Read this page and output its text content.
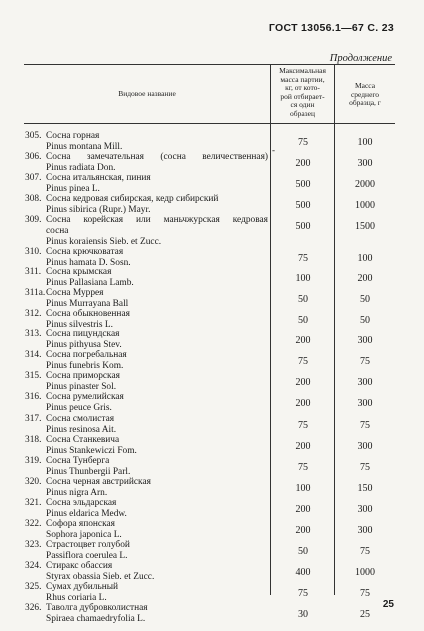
ГОСТ 13056.1—67 С. 23
Продолжение
Видовое название
Максимальная
масса партии,
кг, от кото-
рой отбирает-
ся один
образец
Масса
среднего
образца, г
305. Сосна горная
Pinus montana Mill.	75	100
-
306. Сосна замечательная (сосна величественная)
Pinus radiata Don.	200	300
307. Сосна итальянская, пиния
Pinus pinea L.	500	2000
308. Сосна кедровая сибирская, кедр сибирский
Pinus sibirica (Rupr.) Mayr.	500	1000
309. Сосна корейская или маньчжурская кедровая
сосна
Pinus koraiensis Sieb. et Zucc.
500	1500
310. Сосна крючковатая
Pinus hamata D. Sosn.	75	100
311. Сосна крымская
Pinus Pallasiana Lamb.	100	200
311а. Сосна Муррея
Pinus Murrayana Ball	50	50
312. Сосна обыкновенная
Pinus silvestris L.	50	50
313. Сосна пицундская
Pinus pithyusa Stev.	200	300
314. Сосна погребальная
Pinus funebris Kom.	75	75
315. Сосна приморская
Pinus pinaster Sol.	200	300
316. Сосна румелийская
Pinus peuce Gris.	200	300
317. Сосна смолистая
Pinus resinosa Ait.	75	75
318. Сосна Станкевича
Pinus Stankewiczi Fom.	200	300
319. Сосна Тунберга
Pinus Thunbergii Parl.	75	75
320. Сосна черная австрийская
Pinus nigra Arn.	100	150
321. Сосна эльдарская
Pinus eldarica Medw.	200	300
322. Софора японская
Sophora japonica L.	200	300
323. Страстоцвет голубой
Passiflora coerulea L.	50	75
324. Стиракс обассия
Styrax obassia Sieb. et Zucc.	400	1000
325. Сумах дубильный
Rhus coriaria L.	75	75
326. Таволга дубровколистная
Spiraea chamaedryfolia L.	30	25
25
